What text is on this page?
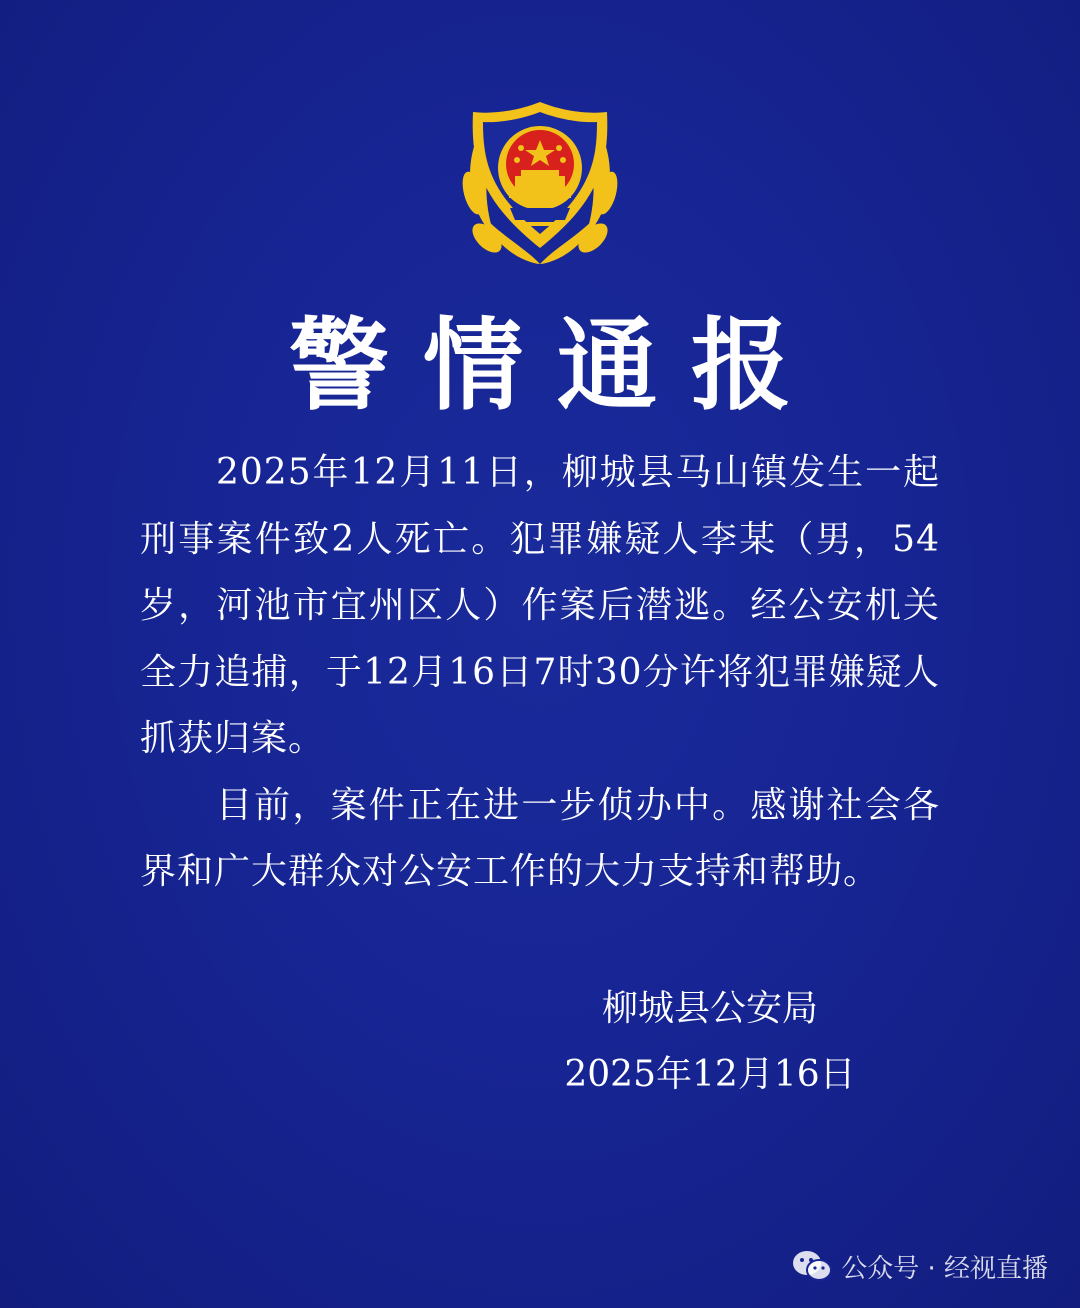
警情通报

2025年12月11日，柳城县马山镇发生一起刑事案件致2人死亡。犯罪嫌疑人李某（男，54岁，河池市宜州区人）作案后潜逃。经公安机关全力追捕，于12月16日7时30分许将犯罪嫌疑人抓获归案。

目前，案件正在进一步侦办中。感谢社会各界和广大群众对公安工作的大力支持和帮助。

柳城县公安局
2025年12月16日
公众号 · 经视直播
